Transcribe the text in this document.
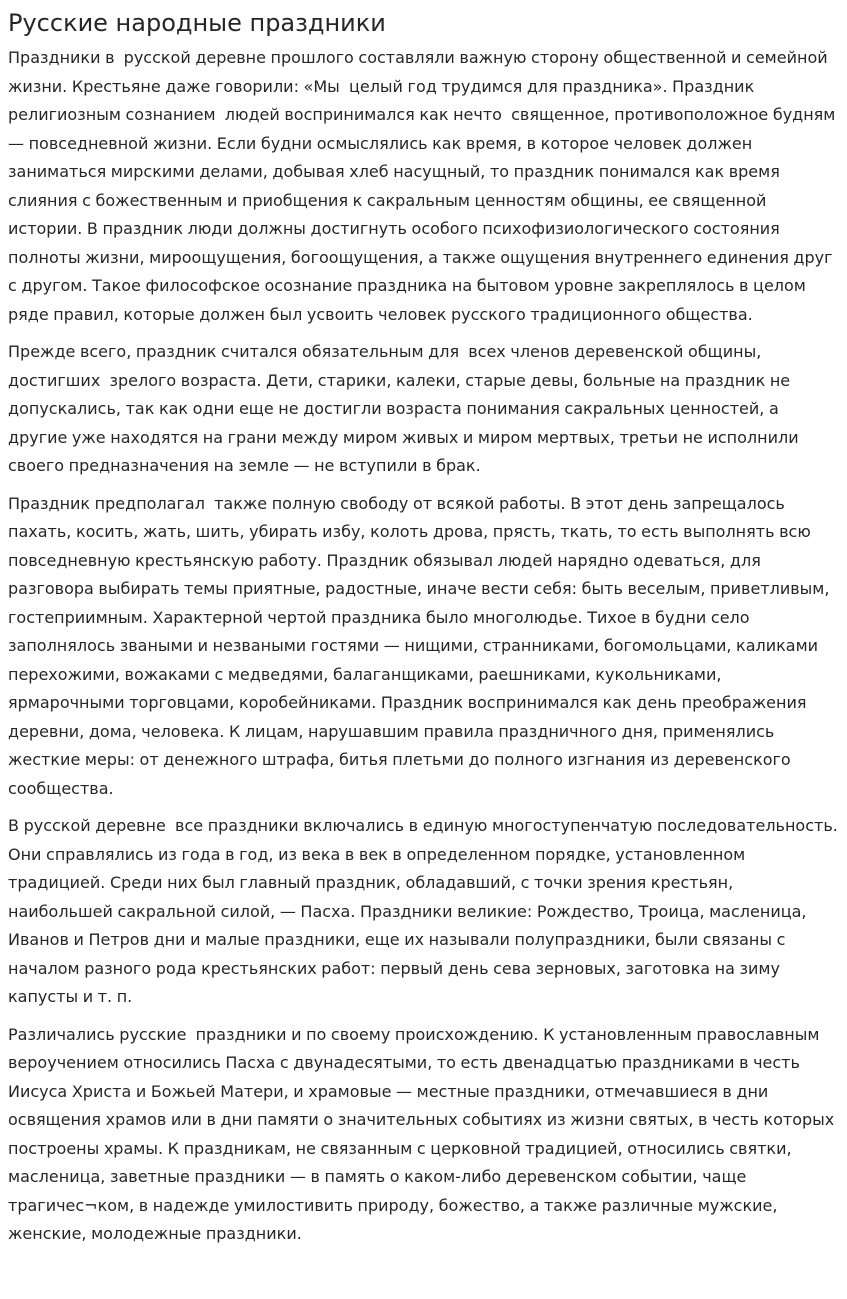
Русские народные праздники

Праздники в  русской деревне прошлого составляли важную сторону общественной и семейной жизни. Крестьяне даже говорили: «Мы  целый год трудимся для праздника». Праздник религиозным сознанием  людей воспринимался как нечто  священное, противоположное будням — повседневной жизни. Если будни осмыслялись как время, в которое человек должен заниматься мирскими делами, добывая хлеб насущный, то праздник понимался как время слияния с божественным и приобщения к сакральным ценностям общины, ее священной истории. В праздник люди должны достигнуть особого психофизиологического состояния полноты жизни, мироощущения, богоощущения, а также ощущения внутреннего единения друг с другом. Такое философское осознание праздника на бытовом уровне закреплялось в целом ряде правил, которые должен был усвоить человек русского традиционного общества.

Прежде всего, праздник считался обязательным для  всех членов деревенской общины, достигших  зрелого возраста. Дети, старики, калеки, старые девы, больные на праздник не допускались, так как одни еще не достигли возраста понимания сакральных ценностей, а другие уже находятся на грани между миром живых и миром мертвых, третьи не исполнили своего предназначения на земле — не вступили в брак.

Праздник предполагал  также полную свободу от всякой работы. В этот день запрещалось пахать, косить, жать, шить, убирать избу, колоть дрова, прясть, ткать, то есть выполнять всю повседневную крестьянскую работу. Праздник обязывал людей нарядно одеваться, для разговора выбирать темы приятные, радостные, иначе вести себя: быть веселым, приветливым, гостеприимным. Характерной чертой праздника было многолюдье. Тихое в будни село заполнялось зваными и незваными гостями — нищими, странниками, богомольцами, каликами перехожими, вожаками с медведями, балаганщиками, раешниками, кукольниками, ярмарочными торговцами, коробейниками. Праздник воспринимался как день преображения деревни, дома, человека. К лицам, нарушавшим правила праздничного дня, применялись жесткие меры: от денежного штрафа, битья плетьми до полного изгнания из деревенского сообщества.

В русской деревне  все праздники включались в единую многоступенчатую последовательность. Они справлялись из года в год, из века в век в определенном порядке, установленном традицией. Среди них был главный праздник, обладавший, с точки зрения крестьян, наибольшей сакральной силой, — Пасха. Праздники великие: Рождество, Троица, масленица, Иванов и Петров дни и малые праздники, еще их называли полупраздники, были связаны с началом разного рода крестьянских работ: первый день сева зерновых, заготовка на зиму капусты и т. п.

Различались русские  праздники и по своему происхождению. К установленным православным вероучением относились Пасха с двунадесятыми, то есть двенадцатью праздниками в честь Иисуса Христа и Божьей Матери, и храмовые — местные праздники, отмечавшиеся в дни освящения храмов или в дни памяти о значительных событиях из жизни святых, в честь которых построены храмы. К праздникам, не связанным с церковной традицией, относились святки, масленица, заветные праздники — в память о каком-либо деревенском событии, чаще трагичес¬ком, в надежде умилостивить природу, божество, а также различные мужские, женские, молодежные праздники.
